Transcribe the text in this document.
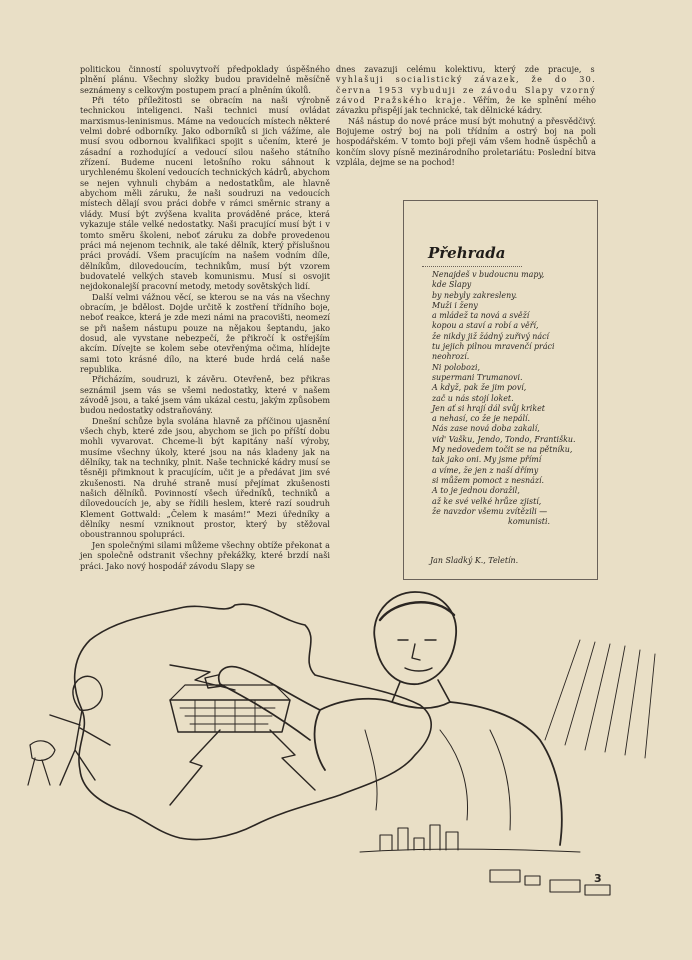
politickou činností spoluvytvoří předpoklady úspěšného plnění plánu. Všechny složky budou pravidelně měsíčně seznámeny s celkovým postupem prací a plněním úkolů.

Při této příležitosti se obracím na naši výrobně technickou inteligenci. Naši technici musí ovládat marxismus-leninismus. Máme na vedoucích místech některé velmi dobré odborníky. Jako odborníků si jich vážíme, ale musí svou odbornou kvalifikaci spojit s učením, které je zásadní a rozhodující a vedoucí silou našeho státního zřízení. Budeme nuceni letošního roku sáhnout k urychlenému školení vedoucích technických kádrů, abychom se nejen vyhnuli chybám a nedostatkům, ale hlavně abychom měli záruku, že naši soudruzi na vedoucích místech dělají svou práci dobře v rámci směrnic strany a vlády. Musí být zvýšena kvalita prováděné práce, která vykazuje stále velké nedostatky. Naši pracující musí být i v tomto směru školeni, neboť záruku za dobře provedenou práci má nejenom technik, ale také dělník, který příslušnou práci provádí. Všem pracujícím na našem vodním díle, dělníkům, dilovedoucím, technikům, musí být vzorem budovatelé velkých staveb komunismu. Musí si osvojit nejdokonalejší pracovní metody, metody sovětských lidí.

Další velmi vážnou věcí, se kterou se na vás na všechny obracím, je bdělost. Dojde určitě k zostření třídního boje, neboť reakce, která je zde mezi námi na pracovišti, neomezí se při našem nástupu pouze na nějakou šeptandu, jako dosud, ale vyvstane nebezpečí, že přikročí k ostřejším akcím. Dívejte se kolem sebe otevřenýma očima, hlídejte sami toto krásné dílo, na které bude hrdá celá naše republika.

Přicházím, soudruzi, k závěru. Otevřeně, bez přikras seznámil jsem vás se všemi nedostatky, které v našem závodě jsou, a také jsem vám ukázal cestu, jakým způsobem budou nedostatky odstraňovány.

Dnešní schůze byla svolána hlavně za příčinou ujasnění všech chyb, které zde jsou, abychom se jich po příští dobu mohli vyvarovat. Chceme-li být kapitány naší výroby, musíme všechny úkoly, které jsou na nás kladeny jak na dělníky, tak na techniky, plnit. Naše technické kádry musí se těsněji přimknout k pracujícím, učit je a předávat jim své zkušenosti. Na druhé straně musí přejímat zkušenosti našich dělníků. Povinností všech úředníků, techniků a dílovedoucích je, aby se řídili heslem, které razí soudruh Klement Gottwald: „Čelem k masám!“ Mezi úředníky a dělníky nesmí vzniknout prostor, který by stěžoval oboustrannou spolupráci.

Jen společnými silami můžeme všechny obtíže překonat a jen společně odstranit všechny překážky, které brzdí naši práci. Jako nový hospodář závodu Slapy se

dnes zavazuji celému kolektivu, který zde pracuje, s vyhlašuji socialistický závazek, že do 30. června 1953 vybuduji ze závodu Slapy vzorný závod Pražského kraje. Věřím, že ke splnění mého závazku přispějí jak technické, tak dělnické kádry.

Náš nástup do nové práce musí být mohutný a přesvědčivý. Bojujeme ostrý boj na poli třídním a ostrý boj na poli hospodářském. V tomto boji přeji vám všem hodně úspěchů a končím slovy písně mezinárodního proletariátu: Poslední bitva vzplála, dejme se na pochod!

Přehrada
Nenajdeš v budoucnu mapy,
kde Slapy
by nebyly zakresleny.
Muži i ženy
a mládež ta nová a svěží
kopou a staví a robí a věří,
že nikdy již žádný zuřivý nácí
tu jejich pilnou mravenčí práci
neohrozí.
Ni polobozi,
supermani Trumanovi.
A když, pak že jim poví,
zač u nás stojí loket.
Jen ať si hrají dál svůj kriket
a nehasí, co že je nepálí.
Nás zase nová doba zakalí,
vid' Vašku, Jendo, Tondo, Františku.
My nedovedem točit se na pětníku,
tak jako oni. My jsme přímí
a víme, že jen z naší dřímy
si můžem pomoct z nesnází.
A to je jednou doražil,
až ke své velké hrůze zjistí,
že navzdor všemu zvítězili —
komunisti.
Jan Sladký K., Teletín.
3
